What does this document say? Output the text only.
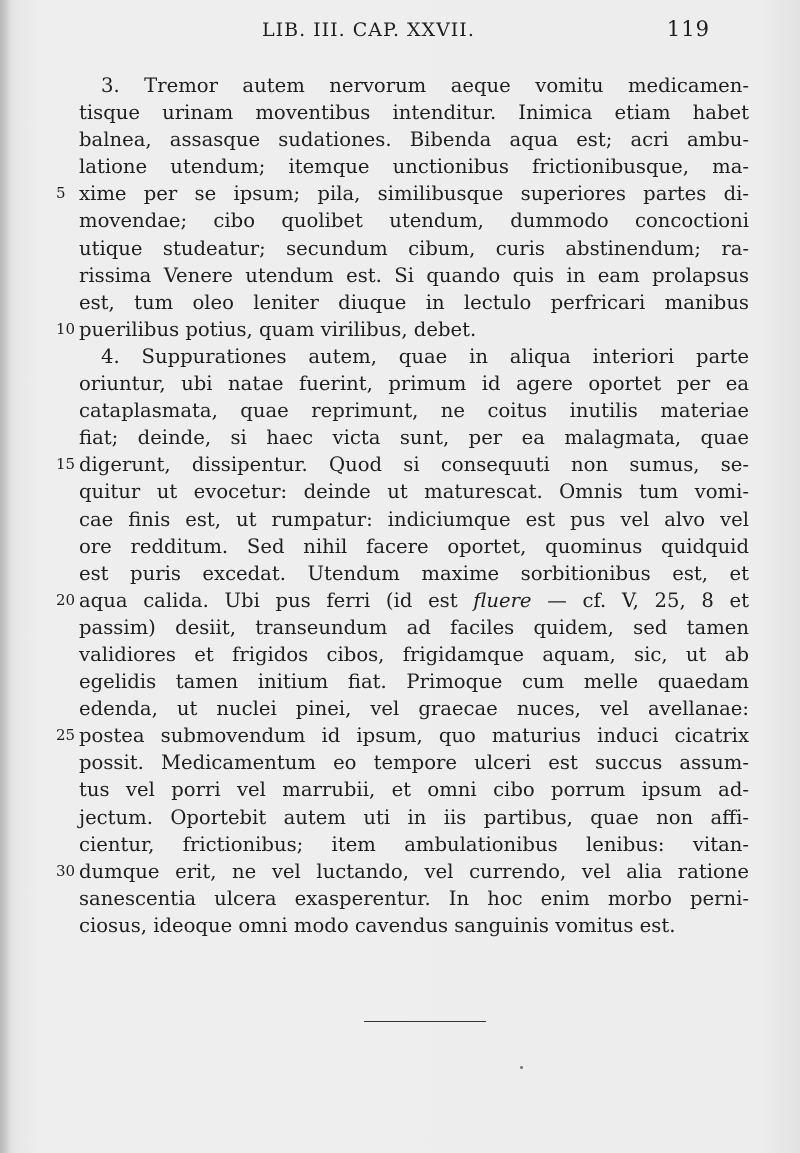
LIB. III. CAP. XXVII.	119
3. Tremor autem nervorum aeque vomitu medicamen-
tisque urinam moventibus intenditur. Inimica etiam habet
balnea, assasque sudationes. Bibenda aqua est; acri ambu-
latione utendum; itemque unctionibus frictionibusque, ma-
5 xime per se ipsum; pila, similibusque superiores partes di-
movendae; cibo quolibet utendum, dummodo concoctioni
utique studeatur; secundum cibum, curis abstinendum; ra-
rissima Venere utendum est. Si quando quis in eam prolapsus
est, tum oleo leniter diuque in lectulo perfricari manibus
10 puerilibus potius, quam virilibus, debet.
4. Suppurationes autem, quae in aliqua interiori parte
oriuntur, ubi natae fuerint, primum id agere oportet per ea
cataplasmata, quae reprimunt, ne coitus inutilis materiae
fiat; deinde, si haec victa sunt, per ea malagmata, quae
15 digerunt, dissipentur. Quod si consequuti non sumus, se-
quitur ut evocetur: deinde ut maturescat. Omnis tum vomi-
cae finis est, ut rumpatur: indiciumque est pus vel alvo vel
ore redditum. Sed nihil facere oportet, quominus quidquid
est puris excedat. Utendum maxime sorbitionibus est, et
20 aqua calida. Ubi pus ferri (id est fluere — cf. V, 25, 8 et
passim) desiit, transeundum ad faciles quidem, sed tamen
validiores et frigidos cibos, frigidamque aquam, sic, ut ab
egelidis tamen initium fiat. Primoque cum melle quaedam
edenda, ut nuclei pinei, vel graecae nuces, vel avellanae:
25 postea submovendum id ipsum, quo maturius induci cicatrix
possit. Medicamentum eo tempore ulceri est succus assum-
tus vel porri vel marrubii, et omni cibo porrum ipsum ad-
jectum. Oportebit autem uti in iis partibus, quae non affi-
cientur, frictionibus; item ambulationibus lenibus: vitan-
30 dumque erit, ne vel luctando, vel currendo, vel alia ratione
sanescentia ulcera exasperentur. In hoc enim morbo perni-
ciosus, ideoque omni modo cavendus sanguinis vomitus est.
